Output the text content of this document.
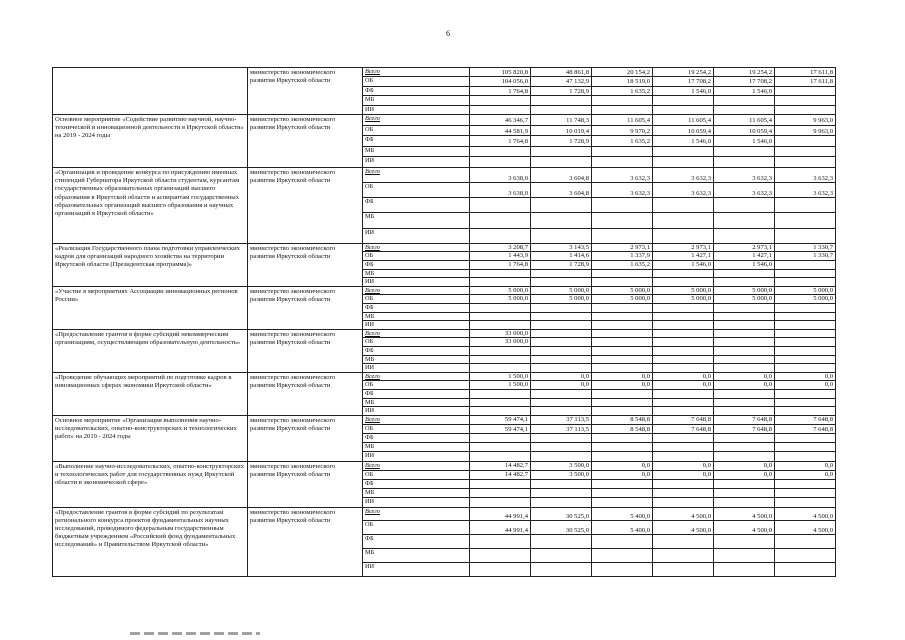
6
	министерство экономического развития Иркутской области	Всего	105 820,8	48 861,8	20 154,2	19 254,2	19 254,2	17 611,8
		ОБ	104 056,0	47 132,9	18 519,0	17 708,2	17 708,2	17 611,8
		ФБ	1 764,8	1 728,9	1 635,2	1 546,0	1 546,0	
		МБ						
		ИИ						
Основное мероприятие «Содействие развитию научной, научно-технической и инновационной деятельности в Иркутской области» на 2019 - 2024 годы	министерство экономического развития Иркутской области	Всего	46 346,7	11 748,3	11 605,4	11 605,4	11 605,4	9 963,0
		ОБ	44 581,9	10 019,4	9 970,2	10 059,4	10 059,4	9 963,0
		ФБ	1 764,8	1 728,9	1 635,2	1 546,0	1 546,0	
		МБ						
		ИИ						
«Организация и проведение конкурса по присуждению именных стипендий Губернатора Иркутской области студентам, курсантам государственных образовательных организаций высшего образования в Иркутской области и аспирантам государственных образовательных организаций высшего образования и научных организаций в Иркутской области»	министерство экономического развития Иркутской области	Всего	3 638,0	3 604,8	3 632,3	3 632,3	3 632,3	3 632,3
		ОБ	3 638,0	3 604,8	3 632,3	3 632,3	3 632,3	3 632,3
		ФБ						
		МБ						
		ИИ						
«Реализация Государственного плана подготовки управленческих кадров для организаций народного хозяйства на территории Иркутской области (Президентская программа)»	министерство экономического развития Иркутской области	Всего	3 208,7	3 143,5	2 973,1	2 973,1	2 973,1	1 330,7
		ОБ	1 443,9	1 414,6	1 337,9	1 427,1	1 427,1	1 330,7
		ФБ	1 764,8	1 728,9	1 635,2	1 546,0	1 546,0	
		МБ						
		ИИ						
«Участие в мероприятиях Ассоциации инновационных регионов России»	министерство экономического развития Иркутской области	Всего	5 000,0	5 000,0	5 000,0	5 000,0	5 000,0	5 000,0
		ОБ	5 000,0	5 000,0	5 000,0	5 000,0	5 000,0	5 000,0
		ФБ						
		МБ						
		ИИ						
«Предоставление грантов в форме субсидий некоммерческим организациям, осуществляющим образовательную деятельность»	министерство экономического развития Иркутской области	Всего	33 000,0					
		ОБ	33 000,0					
		ФБ						
		МБ						
		ИИ						
«Проведение обучающих мероприятий по подготовке кадров в инновационных сферах экономики Иркутской области»	министерство экономического развития Иркутской области	Всего	1 500,0	0,0	0,0	0,0	0,0	0,0
		ОБ	1 500,0	0,0	0,0	0,0	0,0	0,0
		ФБ						
		МБ						
		ИИ						
Основное мероприятие «Организация выполнения научно-исследовательских, опытно-конструкторских и технологических работ» на 2019 - 2024 годы	министерство экономического развития Иркутской области	Всего	59 474,1	37 113,5	8 548,8	7 648,8	7 648,8	7 648,8
		ОБ	59 474,1	37 113,5	8 548,8	7 648,8	7 648,8	7 648,8
		ФБ						
		МБ						
		ИИ						
«Выполнение научно-исследовательских, опытно-конструкторских и технологических работ для государственных нужд Иркутской области в экономической сфере»	министерство экономического развития Иркутской области	Всего	14 482,7	3 500,0	0,0	0,0	0,0	0,0
		ОБ	14 482,7	3 500,0	0,0	0,0	0,0	0,0
		ФБ						
		МБ						
		ИИ						
«Предоставление грантов в форме субсидий по результатам регионального конкурса проектов фундаментальных научных исследований, проводимого федеральным государственным бюджетным учреждением «Российский фонд фундаментальных исследований» и Правительством Иркутской области»	министерство экономического развития Иркутской области	Всего	44 991,4	30 525,0	5 400,0	4 500,0	4 500,0	4 500,0
		ОБ	44 991,4	30 525,0	5 400,0	4 500,0	4 500,0	4 500,0
		ФБ						
		МБ						
		ИИ						
